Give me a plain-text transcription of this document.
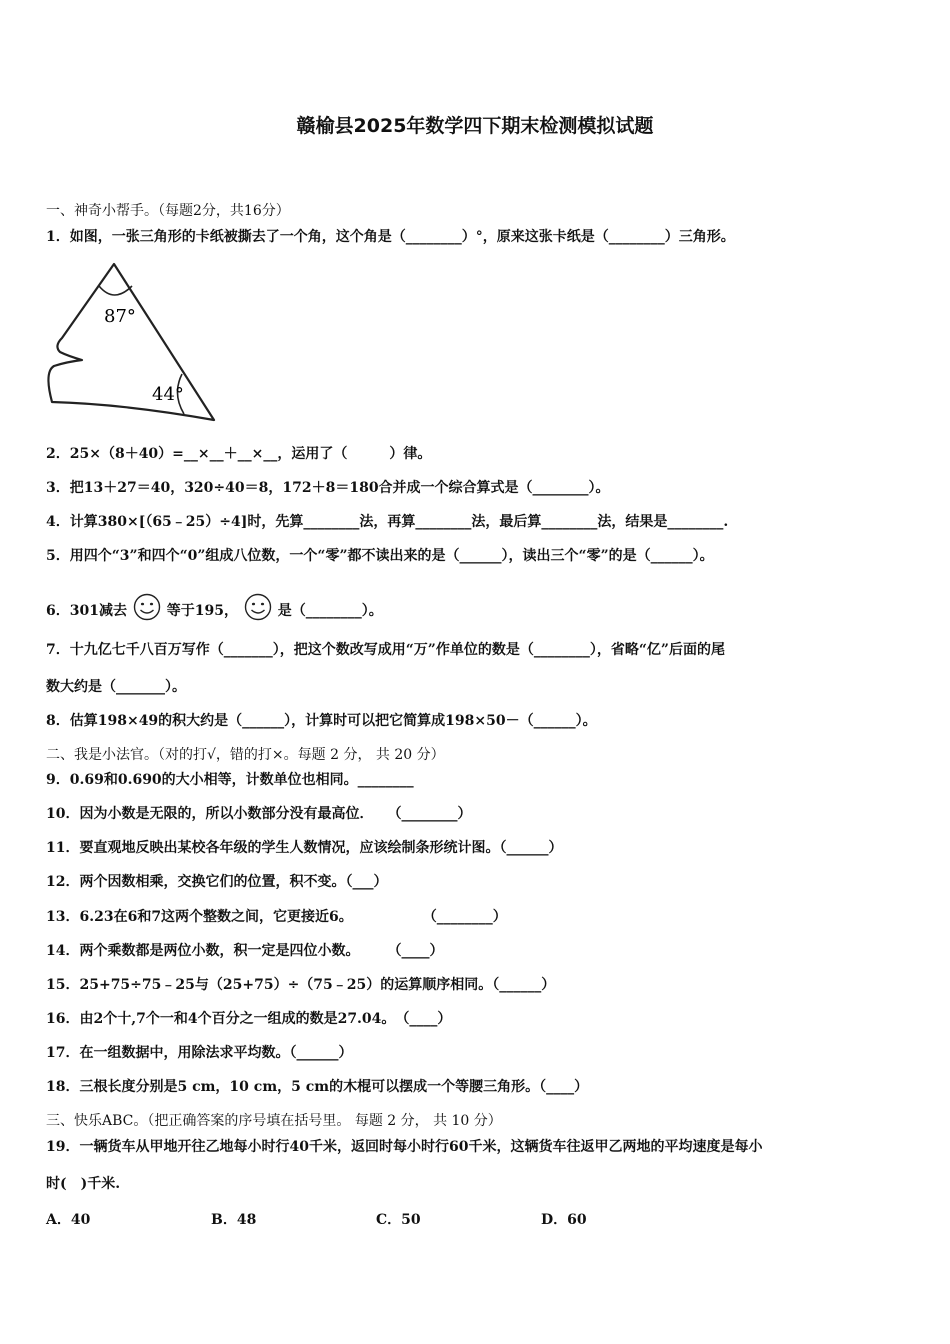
赣榆县2025年数学四下期末检测模拟试题
一、神奇小帮手。（每题2分，共16分）
1．如图，一张三角形的卡纸被撕去了一个角，这个角是（________）°，原来这张卡纸是（________）三角形。
87°
44°
2．25×（8＋40）=__×__＋__×__，运用了（　　　）律。
3．把13＋27＝40，320÷40＝8，172＋8＝180合并成一个综合算式是（________）。
4．计算380×[（65﹣25）÷4]时，先算________法，再算________法，最后算________法，结果是________.
5．用四个“3”和四个“0”组成八位数，一个“零”都不读出来的是（______），读出三个“零”的是（______）。
6．301减去	等于195，	是（________）。
7．十九亿七千八百万写作（_______），把这个数改写成用“万”作单位的数是（________），省略“亿”后面的尾
数大约是（_______）。
8．估算198×49的积大约是（______），计算时可以把它简算成198×50－（______）。
二、我是小法官。（对的打√，错的打×。每题 2 分， 共 20 分）
9．0.69和0.690的大小相等，计数单位也相同。________
10．因为小数是无限的，所以小数部分没有最高位．　　（________）
11．要直观地反映出某校各年级的学生人数情况，应该绘制条形统计图。（______）
12．两个因数相乘，交换它们的位置，积不变。（___）
13．6.23在6和7这两个整数之间，它更接近6。　　　　　　（________）
14．两个乘数都是两位小数，积一定是四位小数。　　　（____）
15．25+75÷75﹣25与（25+75）÷（75﹣25）的运算顺序相同。（______）
16．由2个十,7个一和4个百分之一组成的数是27.04。　（____）
17．在一组数据中，用除法求平均数。（______）
18．三根长度分别是5 cm，10 cm，5 cm的木棍可以摆成一个等腰三角形。（____）
三、快乐ABC。（把正确答案的序号填在括号里。 每题 2 分， 共 10 分）
19．一辆货车从甲地开往乙地每小时行40千米，返回时每小时行60千米，这辆货车往返甲乙两地的平均速度是每小
时(　)千米.
A．40	B．48	C．50	D．60
